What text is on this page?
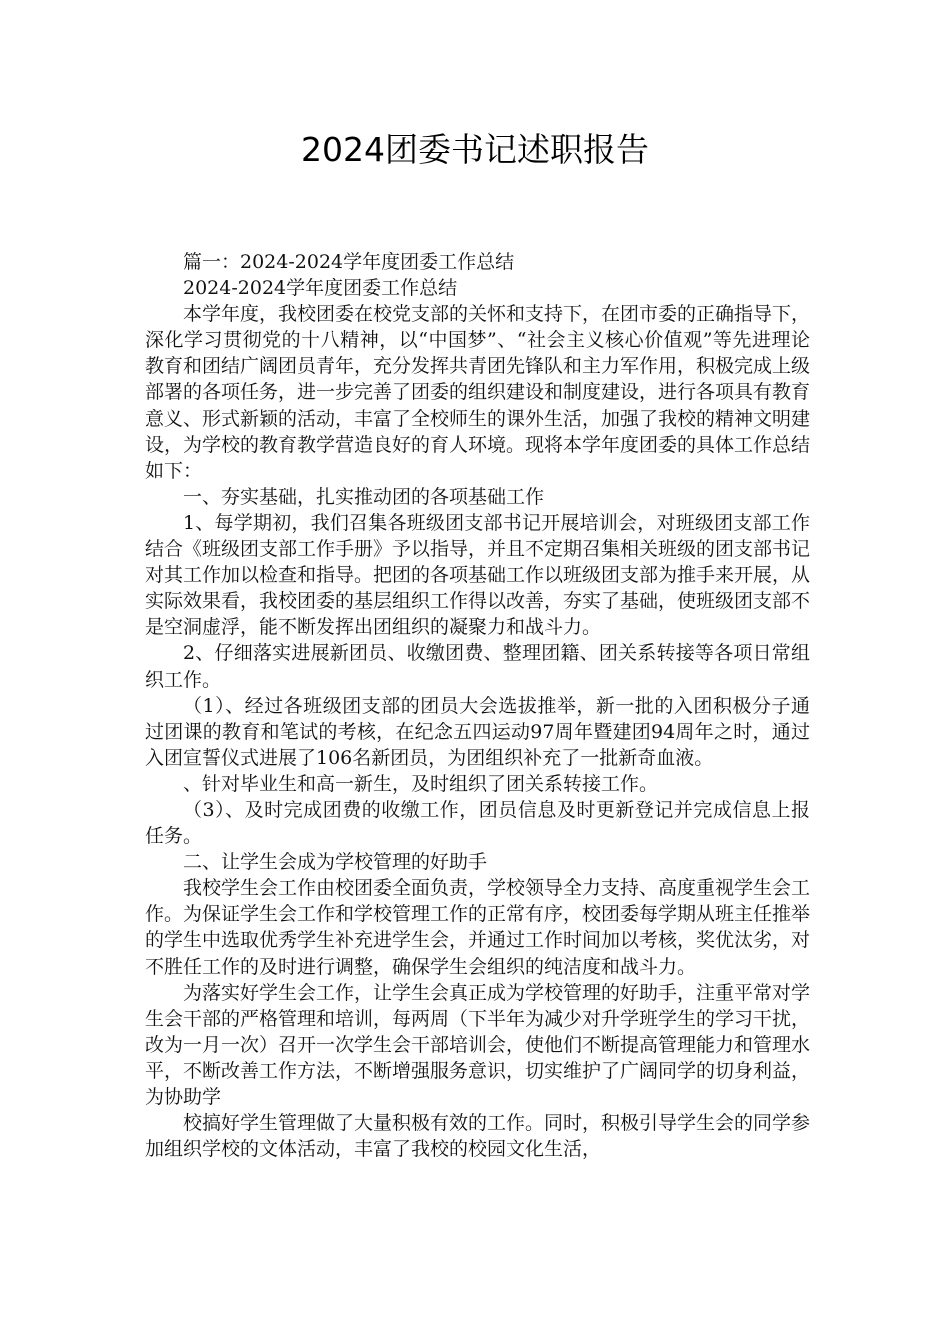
2024团委书记述职报告

篇一：2024-2024学年度团委工作总结

2024-2024学年度团委工作总结

本学年度，我校团委在校党支部的关怀和支持下，在团市委的正确指导下，深化学习贯彻党的十八精神，以“中国梦”、“社会主义核心价值观”等先进理论教育和团结广阔团员青年，充分发挥共青团先锋队和主力军作用，积极完成上级部署的各项任务，进一步完善了团委的组织建设和制度建设，进行各项具有教育意义、形式新颖的活动，丰富了全校师生的课外生活，加强了我校的精神文明建设，为学校的教育教学营造良好的育人环境。现将本学年度团委的具体工作总结如下：

一、夯实基础，扎实推动团的各项基础工作

1、每学期初，我们召集各班级团支部书记开展培训会，对班级团支部工作结合《班级团支部工作手册》予以指导，并且不定期召集相关班级的团支部书记对其工作加以检查和指导。把团的各项基础工作以班级团支部为推手来开展，从实际效果看，我校团委的基层组织工作得以改善，夯实了基础，使班级团支部不是空洞虚浮，能不断发挥出团组织的凝聚力和战斗力。

2、仔细落实进展新团员、收缴团费、整理团籍、团关系转接等各项日常组织工作。

（1）、经过各班级团支部的团员大会选拔推举，新一批的入团积极分子通过团课的教育和笔试的考核，在纪念五四运动97周年暨建团94周年之时，通过入团宣誓仪式进展了106名新团员，为团组织补充了一批新奇血液。

、针对毕业生和高一新生，及时组织了团关系转接工作。

（3）、及时完成团费的收缴工作，团员信息及时更新登记并完成信息上报任务。

二、让学生会成为学校管理的好助手

我校学生会工作由校团委全面负责，学校领导全力支持、高度重视学生会工作。为保证学生会工作和学校管理工作的正常有序，校团委每学期从班主任推举的学生中选取优秀学生补充进学生会，并通过工作时间加以考核，奖优汰劣，对不胜任工作的及时进行调整，确保学生会组织的纯洁度和战斗力。

为落实好学生会工作，让学生会真正成为学校管理的好助手，注重平常对学生会干部的严格管理和培训，每两周（下半年为减少对升学班学生的学习干扰，改为一月一次）召开一次学生会干部培训会，使他们不断提高管理能力和管理水平，不断改善工作方法，不断增强服务意识，切实维护了广阔同学的切身利益，为协助学

校搞好学生管理做了大量积极有效的工作。同时，积极引导学生会的同学参加组织学校的文体活动，丰富了我校的校园文化生活，
